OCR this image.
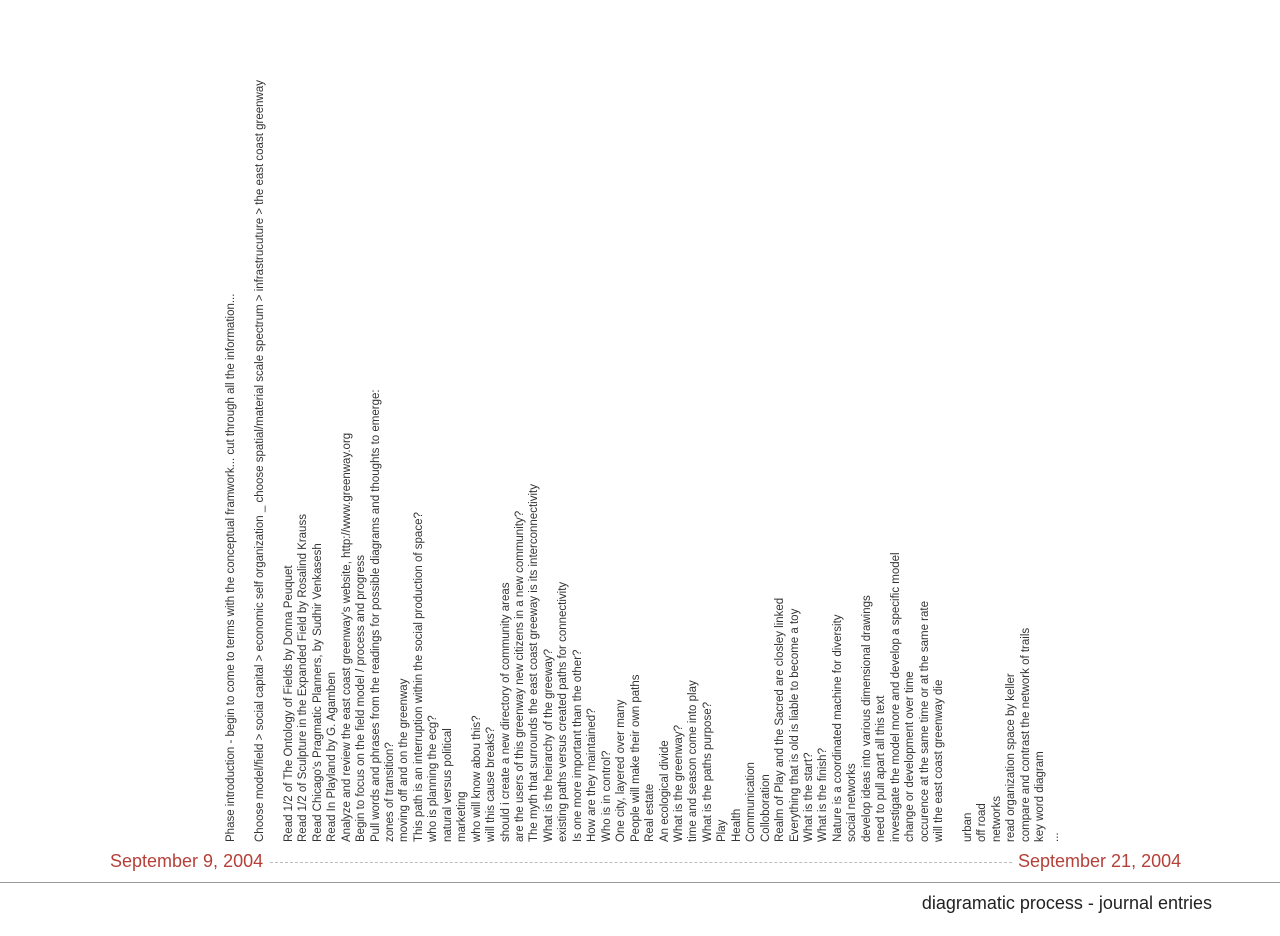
Phase introduction - begin to come to terms with the conceptual framwork... cut through all the information... Choose model/field > social capital > economic self organization _ choose spatial/material scale spectrum > infrastrucuture > the east coast greenway Read 1/2 of The Ontology of Fields by Donna Peuquet Read 1/2 of Sculpture in the Expanded Field by Rosalind Krauss Read Chicago's Pragmatic Planners, by Sudhir Venkasesh Read In Playland by G. Agamben Analyze and review the east coast greenway's website, http://www.greenway.org Begin to focus on the field model / process and progress Pull words and phrases from the readings for possible diagrams and thoughts to emerge: zones of transition? moving off and on the greenway This path is an interruption within the social production of space? who is planning the ecg? natural versus political marketing who will know abou this? will this cause breaks? should i create a new directory of community areas are the users of this greenway new citizens in a new community? The myth that surrounds the east coast greeway is its interconnectivity What is the heirarchy of the greeway? existing paths versus created paths for connectivity Is one more important than the other? How are they maintained? Who is in control? One city, layered over many People will make their own paths Real estate An ecological divide What is the greenway? time and season come into play What is the paths purpose? Play Health Communication Colloboration Realm of Play and the Sacred are closley linked Everything that is old is liable to become a toy What is the start? What is the finish? Nature is a coordinated machine for diversity social networks develop ideas into various dimensional drawings need to pull apart all this text investigate the model more and develop a specific model change or development over time occurence at the same time or at the same rate will the east coast greenway die urban off road networks read organization space by keller compare and contrast the network of trails key word diagram ...

September 9, 2004	September 21, 2004
diagramatic process - journal entries
